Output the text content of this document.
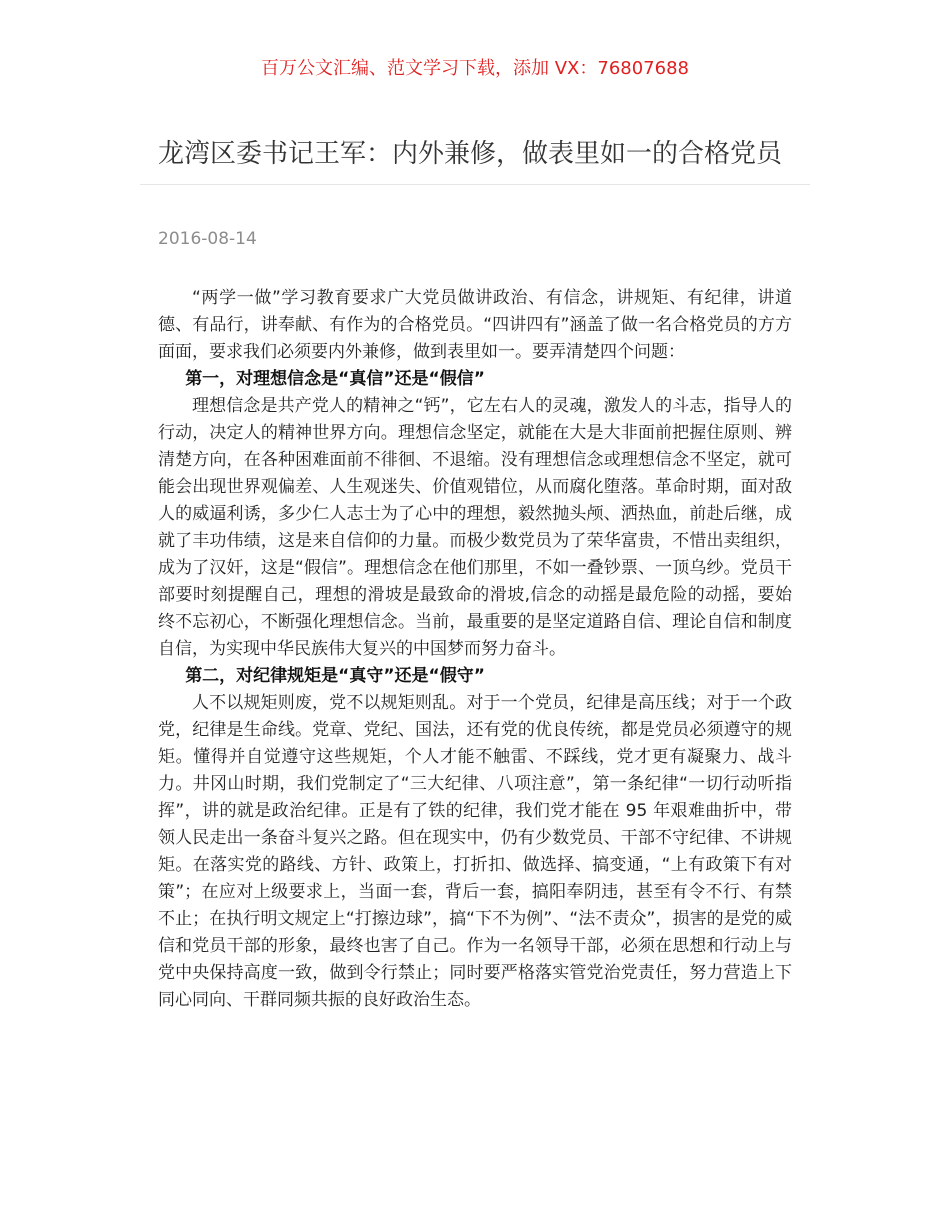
百万公文汇编、范文学习下载，添加 VX：76807688
龙湾区委书记王军：内外兼修，做表里如一的合格党员
2016-08-14

“两学一做”学习教育要求广大党员做讲政治、有信念，讲规矩、有纪律，讲道德、有品行，讲奉献、有作为的合格党员。“四讲四有”涵盖了做一名合格党员的方方面面，要求我们必须要内外兼修，做到表里如一。要弄清楚四个问题：

第一，对理想信念是“真信”还是“假信”

理想信念是共产党人的精神之“钙”，它左右人的灵魂，激发人的斗志，指导人的行动，决定人的精神世界方向。理想信念坚定，就能在大是大非面前把握住原则、辨清楚方向，在各种困难面前不徘徊、不退缩。没有理想信念或理想信念不坚定，就可能会出现世界观偏差、人生观迷失、价值观错位，从而腐化堕落。革命时期，面对敌人的威逼利诱，多少仁人志士为了心中的理想，毅然抛头颅、洒热血，前赴后继，成就了丰功伟绩，这是来自信仰的力量。而极少数党员为了荣华富贵，不惜出卖组织，成为了汉奸，这是“假信”。理想信念在他们那里，不如一叠钞票、一顶乌纱。党员干部要时刻提醒自己，理想的滑坡是最致命的滑坡,信念的动摇是最危险的动摇，要始终不忘初心，不断强化理想信念。当前，最重要的是坚定道路自信、理论自信和制度自信，为实现中华民族伟大复兴的中国梦而努力奋斗。

第二，对纪律规矩是“真守”还是“假守”

人不以规矩则废，党不以规矩则乱。对于一个党员，纪律是高压线；对于一个政党，纪律是生命线。党章、党纪、国法，还有党的优良传统，都是党员必须遵守的规矩。懂得并自觉遵守这些规矩，个人才能不触雷、不踩线，党才更有凝聚力、战斗力。井冈山时期，我们党制定了“三大纪律、八项注意”，第一条纪律“一切行动听指挥”，讲的就是政治纪律。正是有了铁的纪律，我们党才能在 95 年艰难曲折中，带领人民走出一条奋斗复兴之路。但在现实中，仍有少数党员、干部不守纪律、不讲规矩。在落实党的路线、方针、政策上，打折扣、做选择、搞变通，“上有政策下有对策”；在应对上级要求上，当面一套，背后一套，搞阳奉阴违，甚至有令不行、有禁不止；在执行明文规定上“打擦边球”，搞“下不为例”、“法不责众”，损害的是党的威信和党员干部的形象，最终也害了自己。作为一名领导干部，必须在思想和行动上与党中央保持高度一致，做到令行禁止；同时要严格落实管党治党责任，努力营造上下同心同向、干群同频共振的良好政治生态。
